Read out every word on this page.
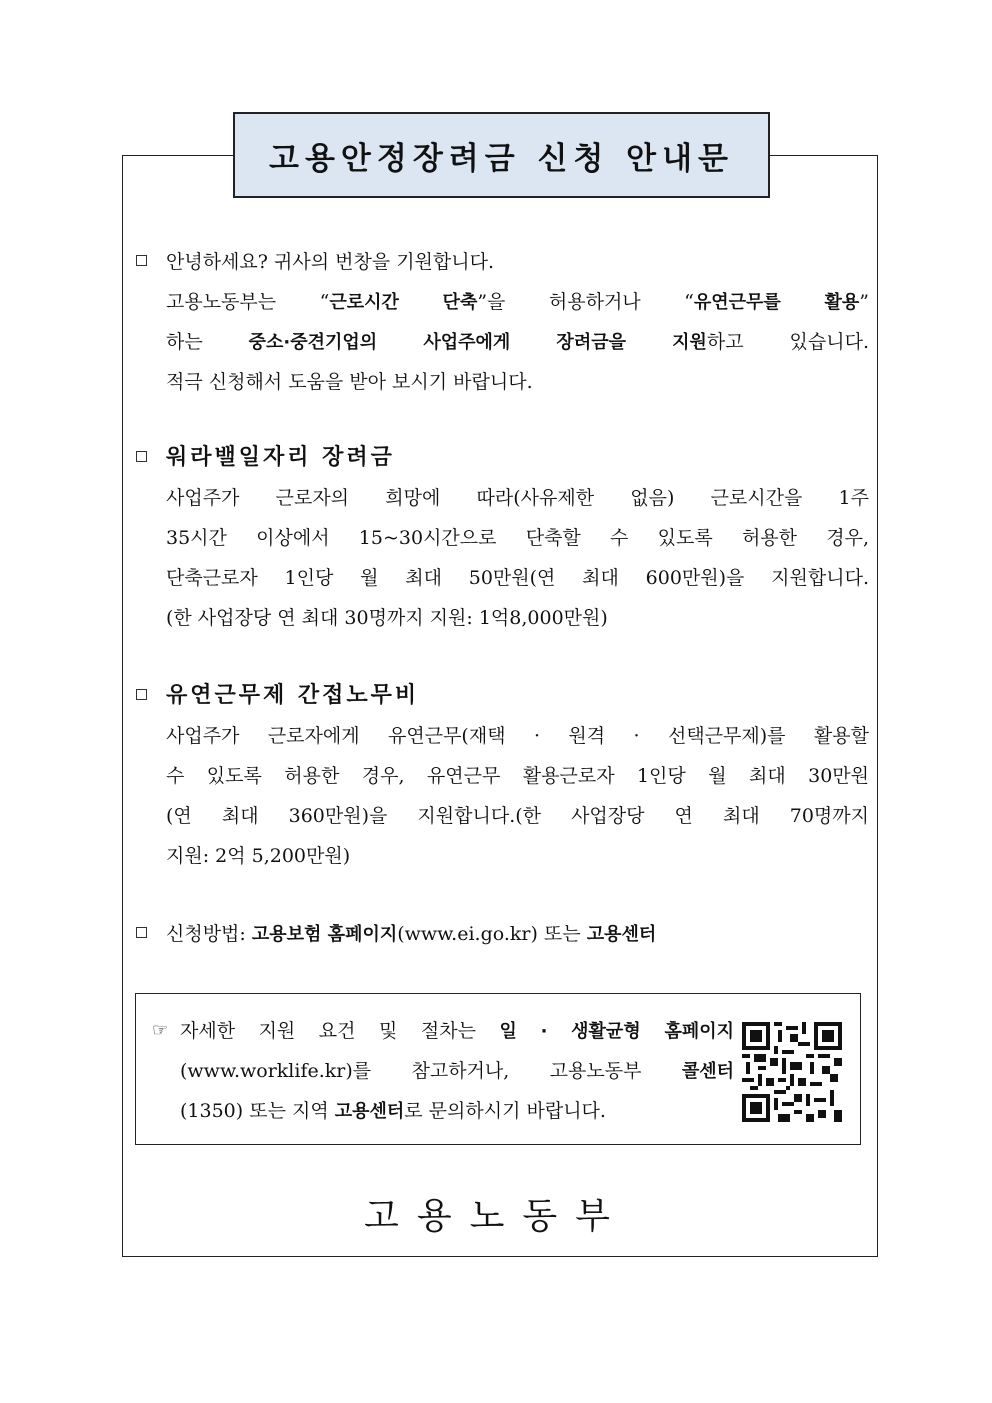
고용안정장려금 신청 안내문
안녕하세요? 귀사의 번창을 기원합니다.
고용노동부는 “근로시간 단축”을 허용하거나 “유연근무를 활용”
하는 중소·중견기업의 사업주에게 장려금을 지원하고 있습니다.
적극 신청해서 도움을 받아 보시기 바랍니다.
워라밸일자리 장려금
사업주가 근로자의 희망에 따라(사유제한 없음) 근로시간을 1주
35시간 이상에서 15~30시간으로 단축할 수 있도록 허용한 경우,
단축근로자 1인당 월 최대 50만원(연 최대 600만원)을 지원합니다.
(한 사업장당 연 최대 30명까지 지원: 1억8,000만원)
유연근무제 간접노무비
사업주가 근로자에게 유연근무(재택 · 원격 · 선택근무제)를 활용할
수 있도록 허용한 경우, 유연근무 활용근로자 1인당 월 최대 30만원
(연 최대 360만원)을 지원합니다.(한 사업장당 연 최대 70명까지
지원: 2억 5,200만원)
신청방법: 고용보험 홈페이지(www.ei.go.kr) 또는 고용센터
☞ 자세한 지원 요건 및 절차는 일 · 생활균형 홈페이지
(www.worklife.kr)를 참고하거나, 고용노동부 콜센터
(1350) 또는 지역 고용센터로 문의하시기 바랍니다.
고용노동부
